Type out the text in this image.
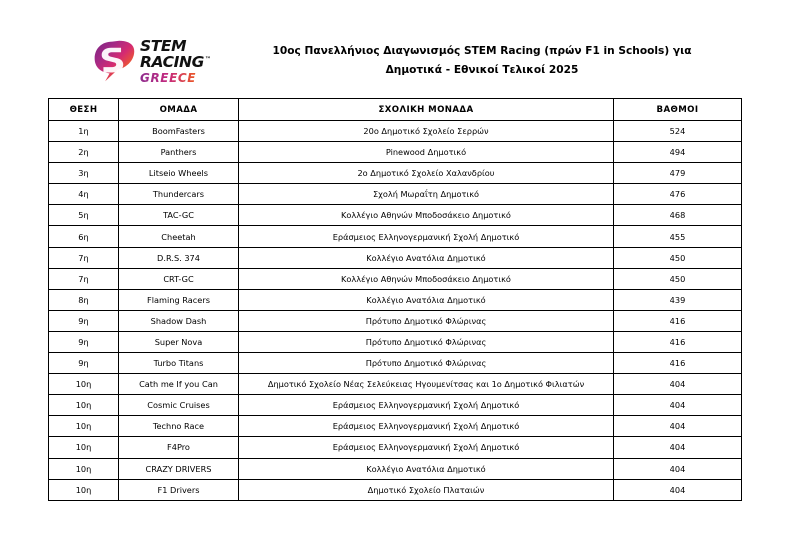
STEM
RACING™
GREECE
10ος Πανελλήνιος Διαγωνισμός STEM Racing (πρών F1 in Schools) για
Δημοτικά - Εθνικοί Τελικοί 2025
ΘΕΣΗ	ΟΜΑΔΑ	ΣΧΟΛΙΚΗ ΜΟΝΑΔΑ	ΒΑΘΜΟΙ
1η	BoomFasters	20ο Δημοτικό Σχολείο Σερρών	524
2η	Panthers	Pinewood Δημοτικό	494
3η	Litseio Wheels	2ο Δημοτικό Σχολείο Χαλανδρίου	479
4η	Thundercars	Σχολή Μωραΐτη Δημοτικό	476
5η	TAC-GC	Κολλέγιο Αθηνών Μποδοσάκειο Δημοτικό	468
6η	Cheetah	Εράσμειος Ελληνογερμανική Σχολή Δημοτικό	455
7η	D.R.S. 374	Κολλέγιο Ανατόλια Δημοτικό	450
7η	CRT-GC	Κολλέγιο Αθηνών Μποδοσάκειο Δημοτικό	450
8η	Flaming Racers	Κολλέγιο Ανατόλια Δημοτικό	439
9η	Shadow Dash	Πρότυπο Δημοτικό Φλώρινας	416
9η	Super Nova	Πρότυπο Δημοτικό Φλώρινας	416
9η	Turbo Titans	Πρότυπο Δημοτικό Φλώρινας	416
10η	Cath me If you Can	Δημοτικό Σχολείο Νέας Σελεύκειας Ηγουμενίτσας και 1ο Δημοτικό Φιλιατών	404
10η	Cosmic Cruises	Εράσμειος Ελληνογερμανική Σχολή Δημοτικό	404
10η	Techno Race	Εράσμειος Ελληνογερμανική Σχολή Δημοτικό	404
10η	F4Pro	Εράσμειος Ελληνογερμανική Σχολή Δημοτικό	404
10η	CRAZY DRIVERS	Κολλέγιο Ανατόλια Δημοτικό	404
10η	F1 Drivers	Δημοτικό Σχολείο Πλαταιών	404
